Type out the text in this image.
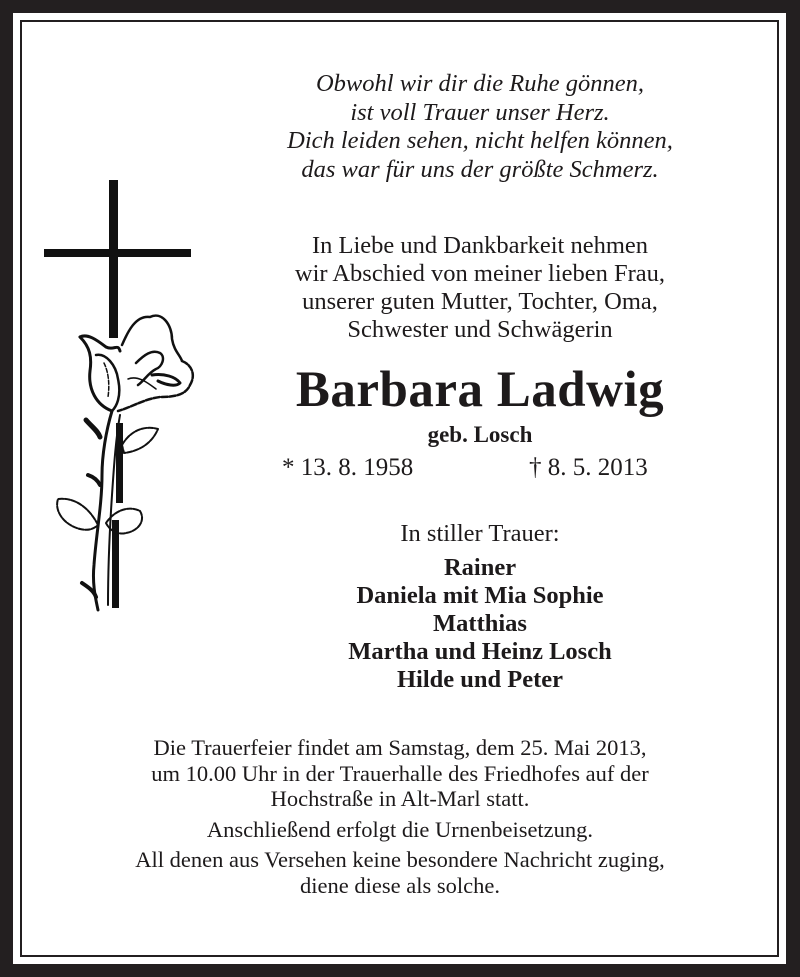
Obwohl wir dir die Ruhe gönnen,
ist voll Trauer unser Herz.
Dich leiden sehen, nicht helfen können,
das war für uns der größte Schmerz.
In Liebe und Dankbarkeit nehmen
wir Abschied von meiner lieben Frau,
unserer guten Mutter, Tochter, Oma,
Schwester und Schwägerin
Barbara Ladwig
geb. Losch
* 13. 8. 1958	† 8. 5. 2013
In stiller Trauer:
Rainer
Daniela mit Mia Sophie
Matthias
Martha und Heinz Losch
Hilde und Peter

Die Trauerfeier findet am Samstag, dem 25. Mai 2013,

um 10.00 Uhr in der Trauerhalle des Friedhofes auf der

Hochstraße in Alt-Marl statt.

Anschließend erfolgt die Urnenbeisetzung.

All denen aus Versehen keine besondere Nachricht zuging,

diene diese als solche.
